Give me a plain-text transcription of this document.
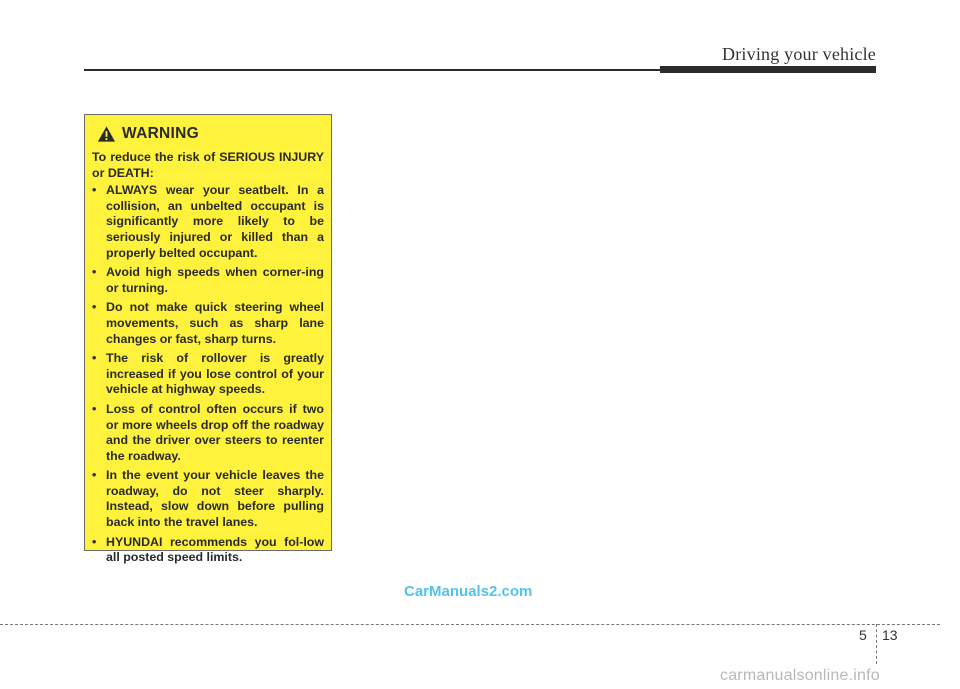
Driving your vehicle
WARNING
To reduce the risk of SERIOUS INJURY or DEATH:
• ALWAYS wear your seatbelt. In a collision, an unbelted occupant is significantly more likely to be seriously injured or killed than a properly belted occupant.
• Avoid high speeds when corner-ing or turning.
• Do not make quick steering wheel movements, such as sharp lane changes or fast, sharp turns.
• The risk of rollover is greatly increased if you lose control of your vehicle at highway speeds.
• Loss of control often occurs if two or more wheels drop off the roadway and the driver over steers to reenter the roadway.
• In the event your vehicle leaves the roadway, do not steer sharply. Instead, slow down before pulling back into the travel lanes.
• HYUNDAI recommends you fol-low all posted speed limits.
CarManuals2.com
5 13
carmanualsonline.info
